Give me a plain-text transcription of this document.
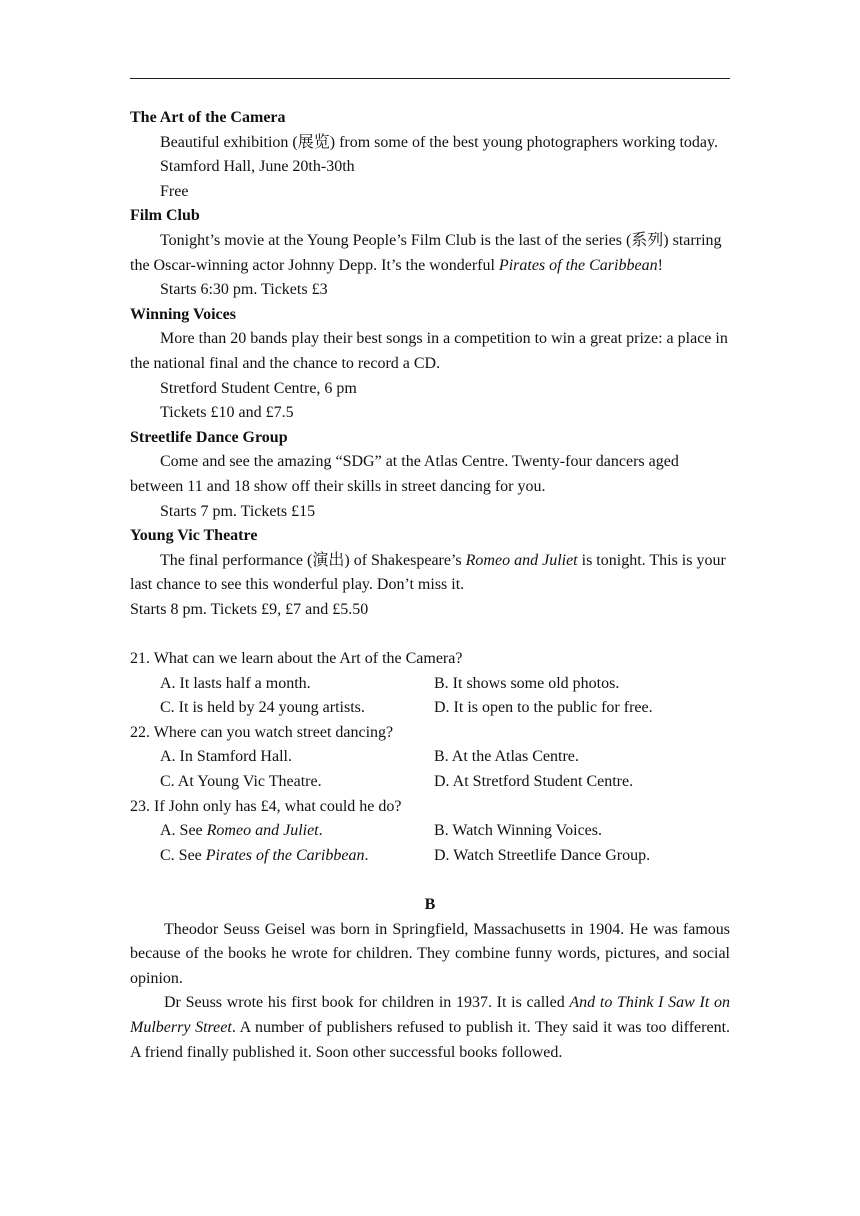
The Art of the Camera

Beautiful exhibition (展览) from some of the best young photographers working today.

Stamford Hall, June 20th-30th

Free

Film Club

Tonight’s movie at the Young People’s Film Club is the last of the series (系列) starring the Oscar-winning actor Johnny Depp. It’s the wonderful Pirates of the Caribbean!

Starts 6:30 pm. Tickets £3

Winning Voices

More than 20 bands play their best songs in a competition to win a great prize: a place in the national final and the chance to record a CD.

Stretford Student Centre, 6 pm

Tickets £10 and £7.5

Streetlife Dance Group

Come and see the amazing “SDG” at the Atlas Centre. Twenty-four dancers aged between 11 and 18 show off their skills in street dancing for you.

Starts 7 pm. Tickets £15

Young Vic Theatre

The final performance (演出) of Shakespeare’s Romeo and Juliet is tonight. This is your last chance to see this wonderful play. Don’t miss it.

Starts 8 pm. Tickets £9, £7 and £5.50

21. What can we learn about the Art of the Camera?

A. It lasts half a month.	B. It shows some old photos.
C. It is held by 24 young artists.	D. It is open to the public for free.

22. Where can you watch street dancing?

A. In Stamford Hall.	B. At the Atlas Centre.
C. At Young Vic Theatre.	D. At Stretford Student Centre.

23. If John only has £4, what could he do?

A. See Romeo and Juliet.	B. Watch Winning Voices.
C. See Pirates of the Caribbean.	D. Watch Streetlife Dance Group.

B

Theodor Seuss Geisel was born in Springfield, Massachusetts in 1904. He was famous because of the books he wrote for children. They combine funny words, pictures, and social opinion.

Dr Seuss wrote his first book for children in 1937. It is called And to Think I Saw It on Mulberry Street. A number of publishers refused to publish it. They said it was too different. A friend finally published it. Soon other successful books followed.
